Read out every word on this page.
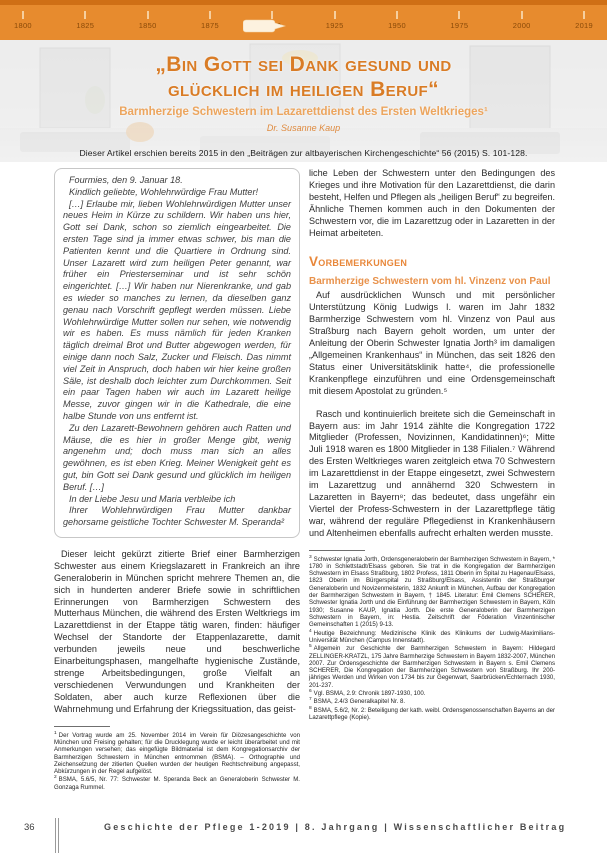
1800	1825	1850	1875	1925	1950	1975	2000	2019
„Bin Gott sei Dank gesund und
glücklich im heiligen Beruf“
Barmherzige Schwestern im Lazarettdienst des Ersten Weltkrieges¹
Dr. Susanne Kaup
Dieser Artikel erschien bereits 2015 in den „Beiträgen zur altbayerischen Kirchengeschichte“ 56 (2015) S. 101-128.

Fourmies, den 9. Januar 18.

Kindlich geliebte, Wohlehrwürdige Frau Mutter!

[…] Erlaube mir, lieben Wohlehrwürdigen Mutter unser neues Heim in Kürze zu schildern. Wir haben uns hier, Gott sei Dank, schon so ziemlich eingearbeitet. Die ersten Tage sind ja immer etwas schwer, bis man die Patienten kennt und die Quartiere in Ordnung sind. Unser Lazarett wird zum heiligen Peter genannt, war früher ein Priesterseminar und ist sehr schön eingerichtet. […] Wir haben nur Nierenkranke, und gab es wieder so manches zu lernen, da dieselben ganz genau nach Vorschrift gepflegt werden müssen. Liebe Wohlehrwürdige Mutter sollen nur sehen, wie notwendig wir es haben. Es muss nämlich für jeden Kranken täglich dreimal Brot und Butter abgewogen werden, für einige dann noch Salz, Zucker und Fleisch. Das nimmt viel Zeit in Anspruch, doch haben wir hier keine großen Säle, ist deshalb doch leichter zum Durchkommen. Seit ein paar Tagen haben wir auch im Lazarett heilige Messe, zuvor gingen wir in die Kathedrale, die eine halbe Stunde von uns entfernt ist.

Zu den Lazarett-Bewohnern gehören auch Ratten und Mäuse, die es hier in großer Menge gibt, wenig angenehm und; doch muss man sich an alles gewöhnen, es ist eben Krieg. Meiner Wenigkeit geht es gut, bin Gott sei Dank gesund und glücklich im heiligen Beruf. […]

In der Liebe Jesu und Maria verbleibe ich

Ihrer Wohlehrwürdigen Frau Mutter dankbar gehorsame geistliche Tochter Schwester M. Speranda²

Dieser leicht gekürzt zitierte Brief einer Barmherzigen Schwester aus einem Kriegslazarett in Frankreich an ihre Generaloberin in München spricht mehrere Themen an, die sich in hunderten anderer Briefe sowie in schriftlichen Erinnerungen von Barmherzigen Schwestern des Mutterhaus München, die während des Ersten Weltkriegs im Lazarettdienst in der Etappe tätig waren, finden: häufiger Wechsel der Standorte der Etappenlazarette, damit verbunden jeweils neue und beschwerliche Einarbeitungsphasen, mangelhafte hygienische Zustände, strenge Arbeitsbedingungen, große Vielfalt an verschiedenen Verwundungen und Krankheiten der Soldaten, aber auch kurze Reflexionen über die Wahrnehmung und Erfahrung der Kriegssituation, das geist-

$^1$ Der Vortrag wurde am 25. November 2014 im Verein für Diözesangeschichte von München und Freising gehalten; für die Drucklegung wurde er leicht überarbeitet und mit Anmerkungen versehen; das eingefügte Bildmaterial ist dem Kongregationsarchiv der Barmherzigen Schwestern in München entnommen (BSMA). – Orthographie und Zeichensetzung der zitierten Quellen wurden der heutigen Rechtschreibung angepasst, Abkürzungen in der Regel aufgelöst.
$^2$ BSMA, 5.6/5, Nr. 77: Schwester M. Speranda Beck an Generaloberin Schwester M. Gonzaga Rummel.

liche Leben der Schwestern unter den Bedingungen des Krieges und ihre Motivation für den Lazarettdienst, die darin besteht, Helfen und Pflegen als „heiligen Beruf“ zu begreifen. Ähnliche Themen kommen auch in den Dokumenten der Schwestern vor, die im Lazarettzug oder in Lazaretten in der Heimat arbeiteten.

Vorbemerkungen
Barmherzige Schwestern vom hl. Vinzenz von Paul

Auf ausdrücklichen Wunsch und mit persönlicher Unterstützung König Ludwigs I. waren im Jahr 1832 Barmherzige Schwestern vom hl. Vinzenz von Paul aus Straßburg nach Bayern geholt worden, um unter der Anleitung der Oberin Schwester Ignatia Jorth³ im damaligen „Allgemeinen Krankenhaus“ in München, das seit 1826 den Status einer Universitätsklinik hatte⁴, die professionelle Krankenpflege einzuführen und eine Ordensgemeinschaft mit diesem Apostolat zu gründen.⁵

Rasch und kontinuierlich breitete sich die Gemeinschaft in Bayern aus: im Jahr 1914 zählte die Kongregation 1722 Mitglieder (Professen, Novizinnen, Kandidatinnen)⁶; Mitte Juli 1918 waren es 1800 Mitglieder in 138 Filialen.⁷ Während des Ersten Weltkrieges waren zeitgleich etwa 70 Schwestern im Lazarettdienst in der Etappe eingesetzt, zwei Schwestern im Lazarettzug und annähernd 320 Schwestern in Lazaretten in Bayern⁸; das bedeutet, dass ungefähr ein Viertel der Profess-Schwestern in der Lazarettpflege tätig war, während der reguläre Pflegedienst in Krankenhäusern und Altenheimen ebenfalls aufrecht erhalten werden musste.

$^3$ Schwester Ignatia Jorth, Ordensgeneraloberin der Barmherzigen Schwestern in Bayern, * 1780 in Schlettstadt/Elsass geboren. Sie trat in die Kongregation der Barmherzigen Schwestern im Elsass Straßburg, 1802 Profess, 1811 Oberin im Spital zu Hagenau/Elsass, 1823 Oberin im Bürgerspital zu Straßburg/Elsass, Assistentin der Straßburger Generaloberin und Novizenmeisterin, 1832 Ankunft in München, Aufbau der Kongregation der Barmherzigen Schwestern in Bayern, † 1845. Literatur: Emil Clemens SCHERER, Schwester Ignatia Jorth und die Einführung der Barmherzigen Schwestern in Bayern, Köln 1930; Susanne KAUP, Ignatia Jorth. Die erste Generaloberin der Barmherzigen Schwestern in Bayern, in: Hestia. Zeitschrift der Föderation Vinzentinischer Gemeinschaften 1 (2015) 9-13.
$^4$ Heutige Bezeichnung: Medizinische Klinik des Klinikums der Ludwig-Maximilians-Universität München (Campus Innenstadt).
$^5$ Allgemein zur Geschichte der Barmherzigen Schwestern in Bayern: Hildegard ZELLINGER-KRATZL, 175 Jahre Barmherzige Schwestern in Bayern 1832-2007, München 2007. Zur Ordensgeschichte der Barmherzigen Schwestern in Bayern s. Emil Clemens SCHERER, Die Kongregation der Barmherzigen Schwestern von Straßburg. Ihr 200-jähriges Werden und Wirken von 1734 bis zur Gegenwart, Saarbrücken/Echternach 1930, 201-237.
$^6$ Vgl. BSMA, 2.9: Chronik 1897-1930, 100.
$^7$ BSMA, 2.4/3 Generalkapitel Nr. 8.
$^8$ BSMA, 5.6/2, Nr. 2: Beteiligung der kath. weibl. Ordensgenossenschaften Bayerns an der Lazarettpflege (Kopie).
36	Geschichte der Pflege 1-2019 | 8. Jahrgang | Wissenschaftlicher Beitrag
